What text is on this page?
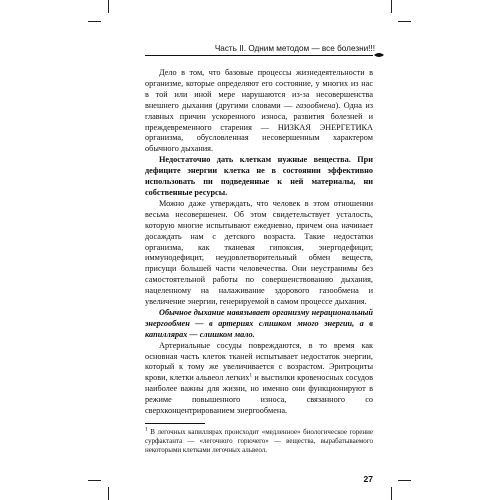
Часть II. Одним методом — все болезни!!!

Дело в том, что базовые процессы жизнедеятельности в организме, которые определяют его состояние, у многих из нас в той или иной мере нарушаются из-за несовершенства внешнего дыхания (другими словами — газообмена). Одна из главных причин ускоренного износа, развития болезней и преждевременного старения — НИЗКАЯ ЭНЕРГЕТИКА организма, обусловленная несовершенным характером обычного дыхания.

Недостаточно дать клеткам нужные вещества. При дефиците энергии клетка не в состоянии эффективно использовать пи подведенные к ней материалы, ни собственные ресурсы.

Можно даже утверждать, что человек в этом отношении весьма несовершенен. Об этом свидетельствует усталость, которую многие испытывают ежедневно, причем она начинает досаждать нам с детского возраста. Такие недостатки организма, как тканевая гипоксия, энергодефицит, иммунодефицит, неудовлетворительный обмен веществ, присущи большей части человечества. Они неустранимы без самостоятельной работы по совершенствованию дыхания, нацеленному на налаживание здорового газообмена и увеличение энергии, генерируемой в самом процессе дыхания.

Обычное дыхание навязывает организму нерациональный энергообмен — в артериях слишком много энергии, а в капиллярах — слишком мало.

Артериальные сосуды повреждаются, в то время как основная часть клеток тканей испытывает недостаток энергии, который к тому же увеличивается с возрастом. Эритроциты крови, клетки альвеол легких$^1$ и выстилки кровеносных сосудов наиболее важны для жизни, но именно они функционируют в режиме повышенного износа, связанного со сверхконцентрированием энергообмена.

$^1$ В легочных капиллярах происходит «медленное» биологическое горение сурфактанта — «легочного горючего» — вещества, вырабатываемого некоторыми клетками легочных альвеол.
27
